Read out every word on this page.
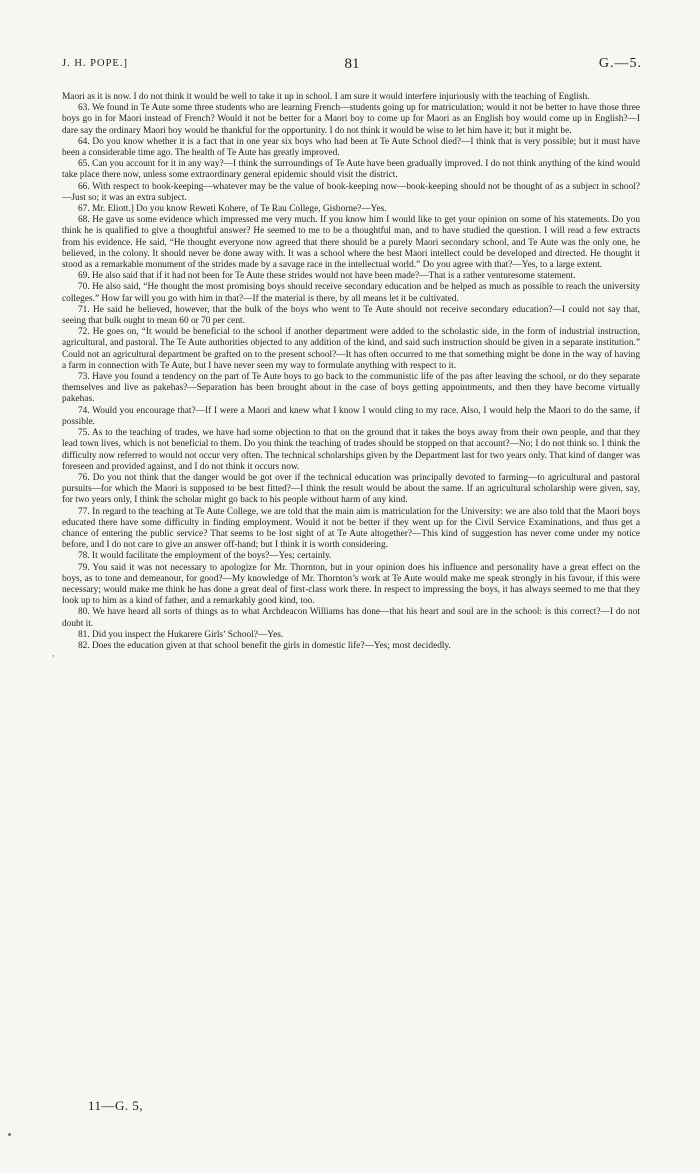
J. H. POPE.]	81	G.—5.

Maori as it is now. I do not think it would be well to take it up in school. I am sure it would interfere injuriously with the teaching of English.

63. We found in Te Aute some three students who are learning French—students going up for matriculation; would it not be better to have those three boys go in for Maori instead of French? Would it not be better for a Maori boy to come up for Maori as an English boy would come up in English?—I dare say the ordinary Maori boy would be thankful for the opportunity. I do not think it would be wise to let him have it; but it might be.

64. Do you know whether it is a fact that in one year six boys who had been at Te Aute School died?—I think that is very possible; but it must have been a considerable time ago. The health of Te Aute has greatly improved.

65. Can you account for it in any way?—I think the surroundings of Te Aute have been gradually improved. I do not think anything of the kind would take place there now, unless some extraordinary general epidemic should visit the district.

66. With respect to book-keeping—whatever may be the value of book-keeping now—book-keeping should not be thought of as a subject in school?—Just so; it was an extra subject.

67. Mr. Eliott.] Do you know Reweti Kohere, of Te Rau College, Gisborne?—Yes.

68. He gave us some evidence which impressed me very much. If you know him I would like to get your opinion on some of his statements. Do you think he is qualified to give a thoughtful answer? He seemed to me to be a thoughtful man, and to have studied the question. I will read a few extracts from his evidence. He said, “He thought everyone now agreed that there should be a purely Maori secondary school, and Te Aute was the only one, he believed, in the colony. It should never be done away with. It was a school where the best Maori intellect could be developed and directed. He thought it stood as a remarkable monument of the strides made by a savage race in the intellectual world.” Do you agree with that?—Yes, to a large extent.

69. He also said that if it had not been for Te Aute these strides would not have been made?—That is a rather venturesome statement.

70. He also said, “He thought the most promising boys should receive secondary education and be helped as much as possible to reach the university colleges.” How far will you go with him in that?—If the material is there, by all means let it be cultivated.

71. He said he believed, however, that the bulk of the boys who went to Te Aute should not receive secondary education?—I could not say that, seeing that bulk ought to mean 60 or 70 per cent.

72. He goes on, “It would be beneficial to the school if another department were added to the scholastic side, in the form of industrial instruction, agricultural, and pastoral. The Te Aute authorities objected to any addition of the kind, and said such instruction should be given in a separate institution.” Could not an agricultural department be grafted on to the present school?—It has often occurred to me that something might be done in the way of having a farm in connection with Te Aute, but I have never seen my way to formulate anything with respect to it.

73. Have you found a tendency on the part of Te Aute boys to go back to the communistic life of the pas after leaving the school, or do they separate themselves and live as pakehas?—Separation has been brought about in the case of boys getting appointments, and then they have become virtually pakehas.

74. Would you encourage that?—If I were a Maori and knew what I know I would cling to my race. Also, I would help the Maori to do the same, if possible.

75. As to the teaching of trades, we have had some objection to that on the ground that it takes the boys away from their own people, and that they lead town lives, which is not beneficial to them. Do you think the teaching of trades should be stopped on that account?—No; I do not think so. I think the difficulty now referred to would not occur very often. The technical scholarships given by the Department last for two years only. That kind of danger was foreseen and provided against, and I do not think it occurs now.

76. Do you not think that the danger would be got over if the technical education was principally devoted to farming—to agricultural and pastoral pursuits—for which the Maori is supposed to be best fitted?—I think the result would be about the same. If an agricultural scholarship were given, say, for two years only, I think the scholar might go back to his people without harm of any kind.

77. In regard to the teaching at Te Aute College, we are told that the main aim is matriculation for the University: we are also told that the Maori boys educated there have some difficulty in finding employment. Would it not be better if they went up for the Civil Service Examinations, and thus get a chance of entering the public service? That seems to be lost sight of at Te Aute altogether?—This kind of suggestion has never come under my notice before, and I do not care to give an answer off-hand; but I think it is worth considering.

78. It would facilitate the employment of the boys?—Yes; certainly.

79. You said it was not necessary to apologize for Mr. Thornton, but in your opinion does his influence and personality have a great effect on the boys, as to tone and demeanour, for good?—My knowledge of Mr. Thornton’s work at Te Aute would make me speak strongly in his favour, if this were necessary; would make me think he has done a great deal of first-class work there. In respect to impressing the boys, it has always seemed to me that they look up to him as a kind of father, and a remarkably good kind, too.

80. We have heard all sorts of things as to what Archdeacon Williams has done—that his heart and soul are in the school: is this correct?—I do not doubt it.

81. Did you inspect the Hukarere Girls’ School?—Yes.

82. Does the education given at that school benefit the girls in domestic life?—Yes; most decidedly.

,
11—G. 5,
